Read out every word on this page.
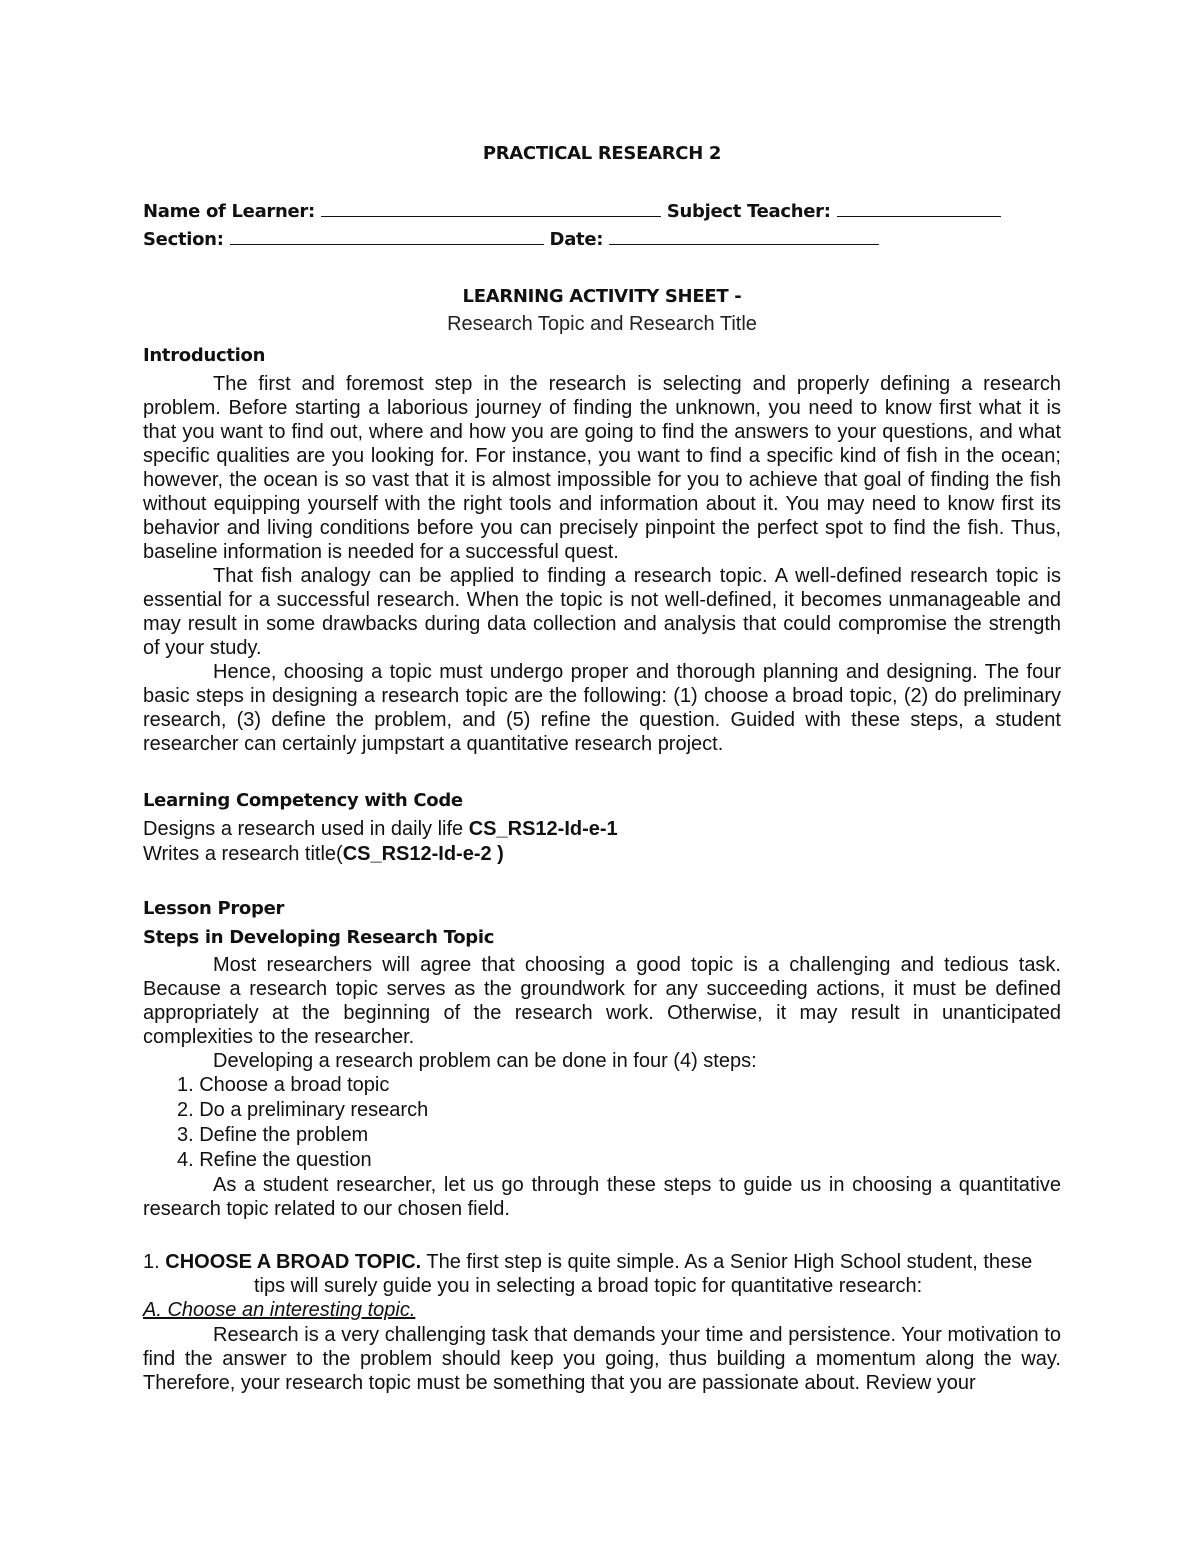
PRACTICAL RESEARCH 2
Name of Learner:	Subject Teacher:
Section:	Date:
LEARNING ACTIVITY SHEET -
Research Topic and Research Title
Introduction
The first and foremost step in the research is selecting and properly defining a research problem. Before starting a laborious journey of finding the unknown, you need to know first what it is that you want to find out, where and how you are going to find the answers to your questions, and what specific qualities are you looking for. For instance, you want to find a specific kind of fish in the ocean; however, the ocean is so vast that it is almost impossible for you to achieve that goal of finding the fish without equipping yourself with the right tools and information about it. You may need to know first its behavior and living conditions before you can precisely pinpoint the perfect spot to find the fish. Thus, baseline information is needed for a successful quest.
That fish analogy can be applied to finding a research topic. A well-defined research topic is essential for a successful research. When the topic is not well-defined, it becomes unmanageable and may result in some drawbacks during data collection and analysis that could compromise the strength of your study.
Hence, choosing a topic must undergo proper and thorough planning and designing. The four basic steps in designing a research topic are the following: (1) choose a broad topic, (2) do preliminary research, (3) define the problem, and (5) refine the question. Guided with these steps, a student researcher can certainly jumpstart a quantitative research project.
Learning Competency with Code
Designs a research used in daily life CS_RS12-Id-e-1
Writes a research title(CS_RS12-Id-e-2 )
Lesson Proper
Steps in Developing Research Topic
Most researchers will agree that choosing a good topic is a challenging and tedious task. Because a research topic serves as the groundwork for any succeeding actions, it must be defined appropriately at the beginning of the research work. Otherwise, it may result in unanticipated complexities to the researcher.
Developing a research problem can be done in four (4) steps:
1. Choose a broad topic
2. Do a preliminary research
3. Define the problem
4. Refine the question
As a student researcher, let us go through these steps to guide us in choosing a quantitative research topic related to our chosen field.
1. CHOOSE A BROAD TOPIC. The first step is quite simple. As a Senior High School student, these
tips will surely guide you in selecting a broad topic for quantitative research:
A. Choose an interesting topic.
Research is a very challenging task that demands your time and persistence. Your motivation to find the answer to the problem should keep you going, thus building a momentum along the way. Therefore, your research topic must be something that you are passionate about. Review your
